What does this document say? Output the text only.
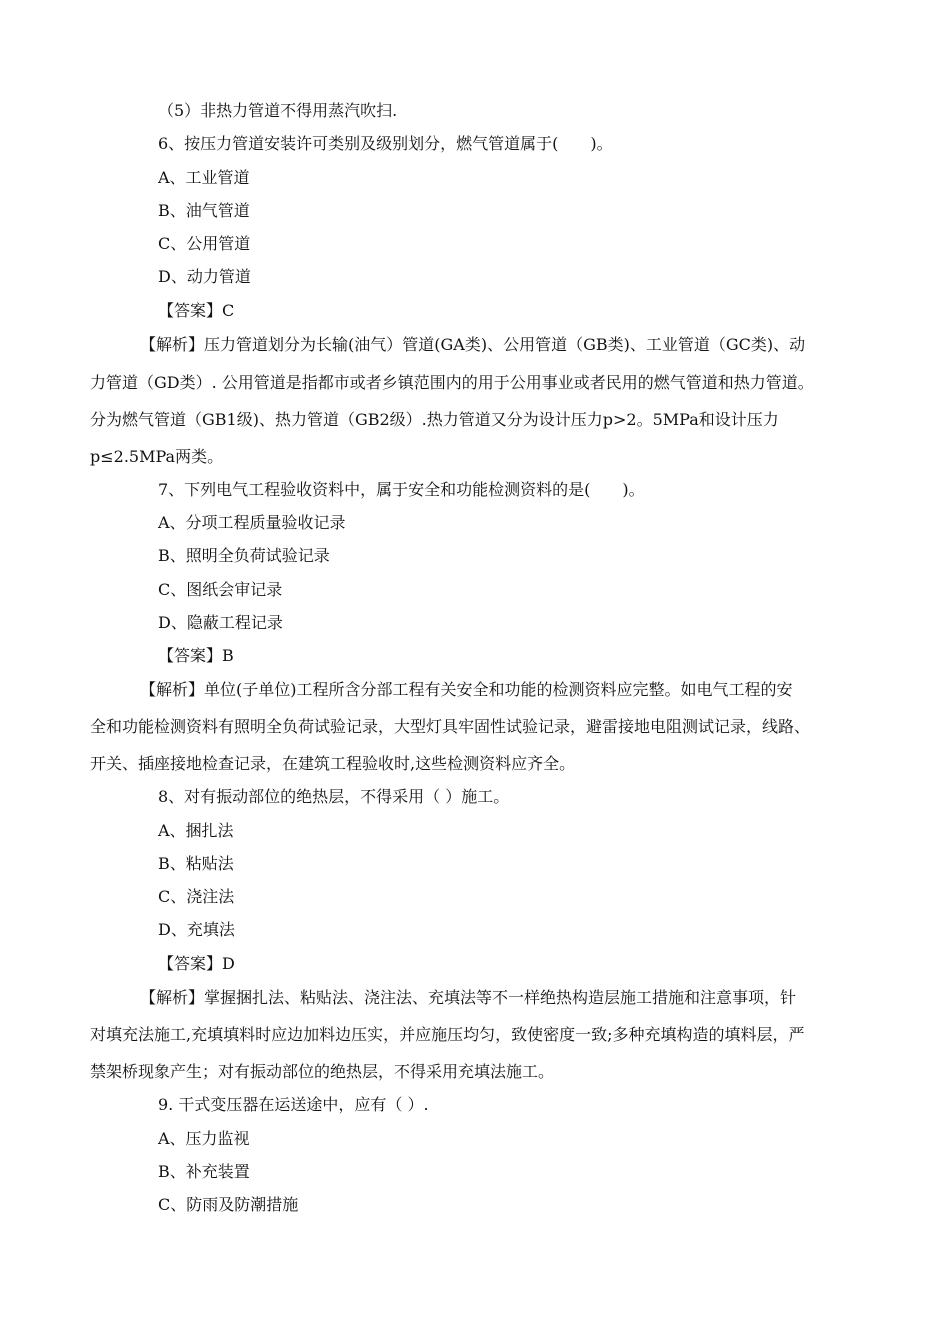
（5）非热力管道不得用蒸汽吹扫.
6、按压力管道安装许可类别及级别划分，燃气管道属于(　　)。
A、工业管道
B、油气管道
C、公用管道
D、动力管道
【答案】C
【解析】压力管道划分为长输(油气）管道(GA类)、公用管道（GB类)、工业管道（GC类)、动
力管道（GD类）. 公用管道是指都市或者乡镇范围内的用于公用事业或者民用的燃气管道和热力管道。
分为燃气管道（GB1级)、热力管道（GB2级）.热力管道又分为设计压力p>2。5MPa和设计压力
p≤2.5MPa两类。
7、下列电气工程验收资料中，属于安全和功能检测资料的是(　　)。
A、分项工程质量验收记录
B、照明全负荷试验记录
C、图纸会审记录
D、隐蔽工程记录
【答案】B
【解析】单位(子单位)工程所含分部工程有关安全和功能的检测资料应完整。如电气工程的安
全和功能检测资料有照明全负荷试验记录，大型灯具牢固性试验记录，避雷接地电阻测试记录，线路、
开关、插座接地检查记录，在建筑工程验收时,这些检测资料应齐全。
8、对有振动部位的绝热层，不得采用（ ）施工。
A、捆扎法
B、粘贴法
C、浇注法
D、充填法
【答案】D
【解析】掌握捆扎法、粘贴法、浇注法、充填法等不一样绝热构造层施工措施和注意事项，针
对填充法施工,充填填料时应边加料边压实，并应施压均匀，致使密度一致;多种充填构造的填料层，严
禁架桥现象产生；对有振动部位的绝热层，不得采用充填法施工。
9. 干式变压器在运送途中，应有（ ）.
A、压力监视
B、补充装置
C、防雨及防潮措施
